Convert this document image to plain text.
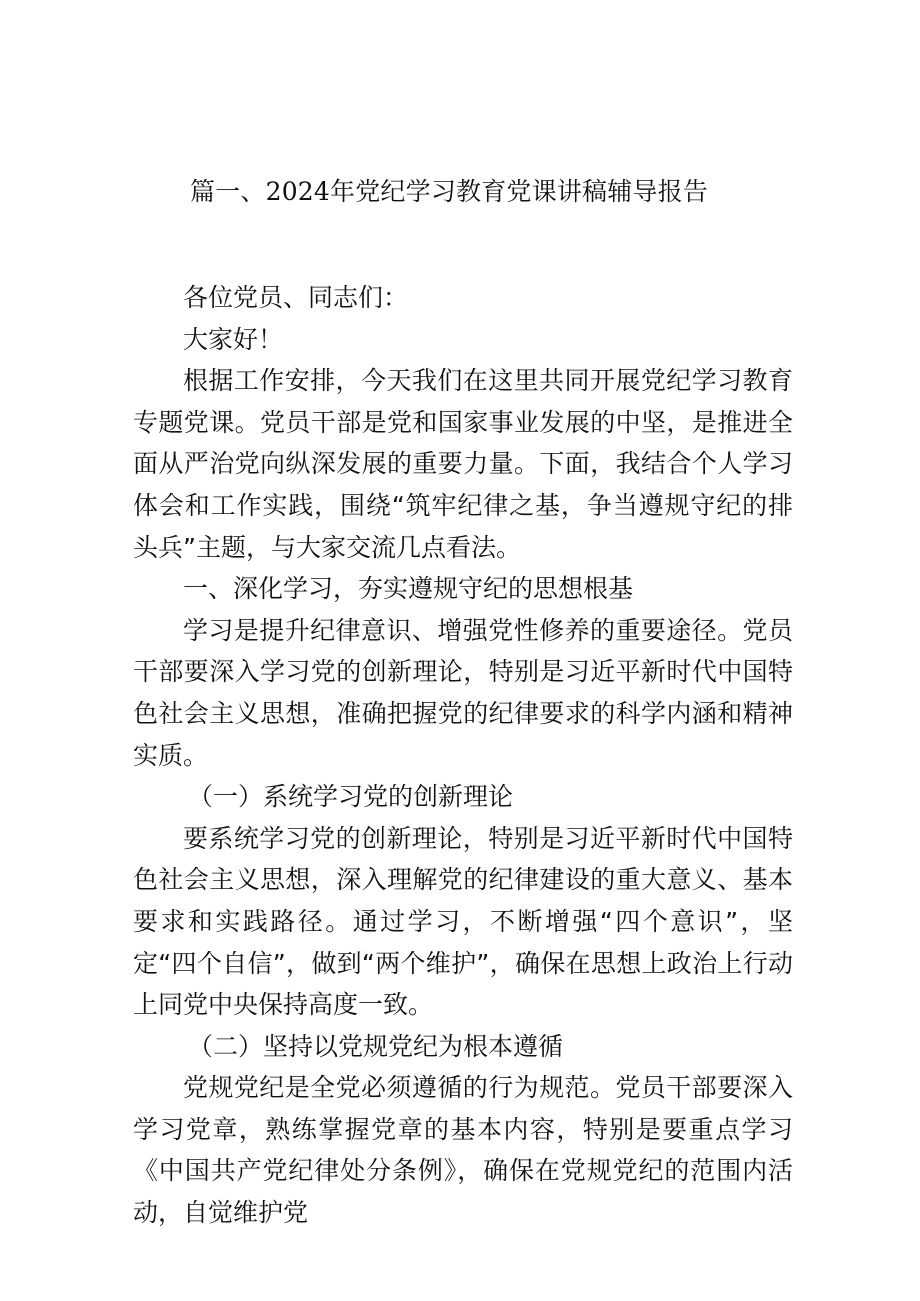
篇一、2024年党纪学习教育党课讲稿辅导报告

各位党员、同志们：

大家好！

根据工作安排，今天我们在这里共同开展党纪学习教育专题党课。党员干部是党和国家事业发展的中坚，是推进全面从严治党向纵深发展的重要力量。下面，我结合个人学习体会和工作实践，围绕“筑牢纪律之基，争当遵规守纪的排头兵”主题，与大家交流几点看法。

一、深化学习，夯实遵规守纪的思想根基

学习是提升纪律意识、增强党性修养的重要途径。党员干部要深入学习党的创新理论，特别是习近平新时代中国特色社会主义思想，准确把握党的纪律要求的科学内涵和精神实质。

（一）系统学习党的创新理论

要系统学习党的创新理论，特别是习近平新时代中国特色社会主义思想，深入理解党的纪律建设的重大意义、基本要求和实践路径。通过学习，不断增强“四个意识”，坚定“四个自信”，做到“两个维护”，确保在思想上政治上行动上同党中央保持高度一致。

（二）坚持以党规党纪为根本遵循

党规党纪是全党必须遵循的行为规范。党员干部要深入学习党章，熟练掌握党章的基本内容，特别是要重点学习《中国共产党纪律处分条例》，确保在党规党纪的范围内活动，自觉维护党
